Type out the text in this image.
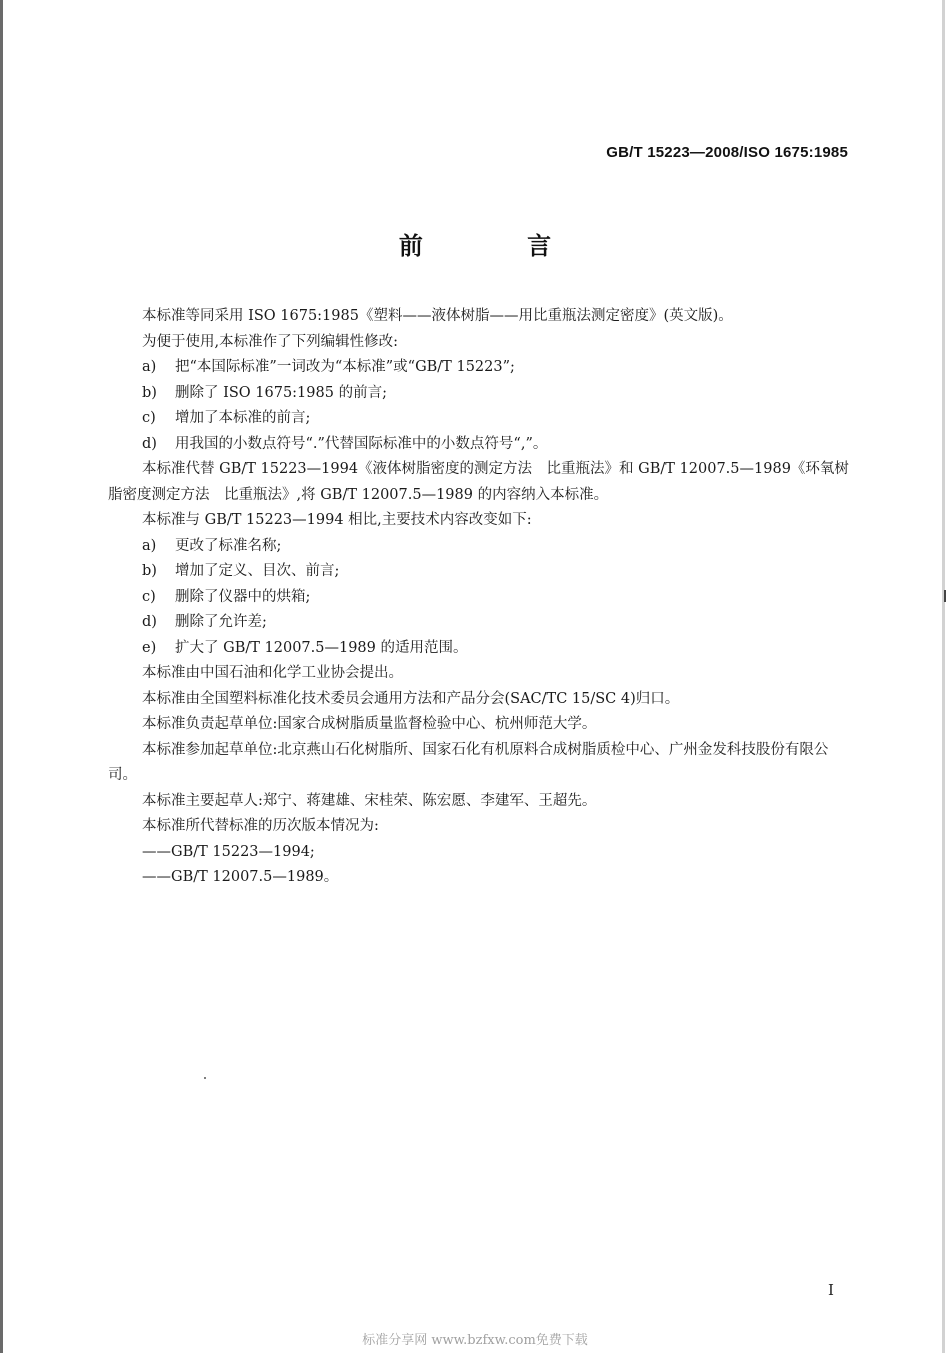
GB/T 15223—2008/ISO 1675:1985
前 言

本标准等同采用 ISO 1675:1985《塑料——液体树脂——用比重瓶法测定密度》(英文版)。

为便于使用,本标准作了下列编辑性修改:

a) 把“本国际标准”一词改为“本标准”或“GB/T 15223”;

b) 删除了 ISO 1675:1985 的前言;

c) 增加了本标准的前言;

d) 用我国的小数点符号“.”代替国际标准中的小数点符号“,”。

本标准代替 GB/T 15223—1994《液体树脂密度的测定方法　比重瓶法》和 GB/T 12007.5—1989《环氧树脂密度测定方法　比重瓶法》,将 GB/T 12007.5—1989 的内容纳入本标准。

本标准与 GB/T 15223—1994 相比,主要技术内容改变如下:

a) 更改了标准名称;

b) 增加了定义、目次、前言;

c) 删除了仪器中的烘箱;

d) 删除了允许差;

e) 扩大了 GB/T 12007.5—1989 的适用范围。

本标准由中国石油和化学工业协会提出。

本标准由全国塑料标准化技术委员会通用方法和产品分会(SAC/TC 15/SC 4)归口。

本标准负责起草单位:国家合成树脂质量监督检验中心、杭州师范大学。

本标准参加起草单位:北京燕山石化树脂所、国家石化有机原料合成树脂质检中心、广州金发科技股份有限公司。

本标准主要起草人:郑宁、蒋建雄、宋桂荣、陈宏愿、李建军、王超先。

本标准所代替标准的历次版本情况为:

——GB/T 15223—1994;

——GB/T 12007.5—1989。

I
标准分享网 www.bzfxw.com免费下载
